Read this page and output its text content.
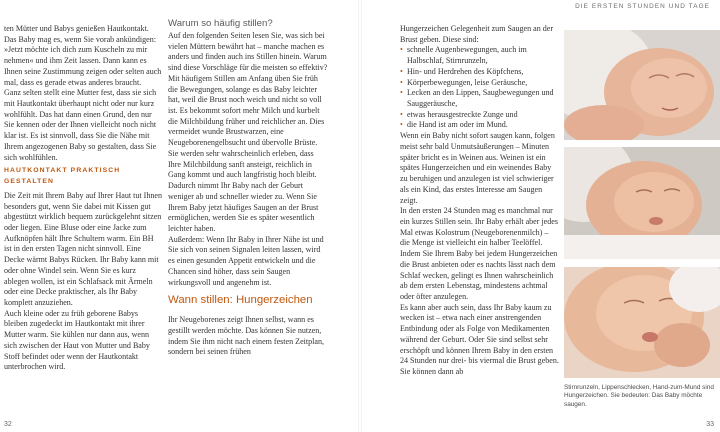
DIE ERSTEN STUNDEN UND TAGE

ten Mütter und Babys genießen Hautkontakt. Das Baby mag es, wenn Sie vorab ankündigen: »Jetzt möchte ich dich zum Kuscheln zu mir nehmen« und ihm Zeit lassen. Dann kann es Ihnen seine Zustimmung zeigen oder selten auch mal, dass es gerade etwas anderes braucht.

Ganz selten stellt eine Mutter fest, dass sie sich mit Hautkontakt überhaupt nicht oder nur kurz wohlfühlt. Das hat dann einen Grund, den nur Sie kennen oder der Ihnen vielleicht noch nicht klar ist. Es ist sinnvoll, dass Sie die Nähe mit Ihrem angezogenen Baby so gestalten, dass Sie sich wohlfühlen.

HAUTKONTAKT PRAKTISCH GESTALTEN

Die Zeit mit Ihrem Baby auf Ihrer Haut tut Ihnen besonders gut, wenn Sie dabei mit Kissen gut abgestützt wirklich bequem zurückgelehnt sitzen oder liegen. Eine Bluse oder eine Jacke zum Aufknöpfen hält Ihre Schultern warm. Ein BH ist in den ersten Tagen nicht sinnvoll. Eine Decke wärmt Babys Rücken. Ihr Baby kann mit oder ohne Windel sein. Wenn Sie es kurz ablegen wollen, ist ein Schlafsack mit Ärmeln oder eine Decke praktischer, als Ihr Baby komplett anzuziehen.

Auch kleine oder zu früh geborene Babys bleiben zugedeckt im Hautkontakt mit ihrer Mutter warm. Sie kühlen nur dann aus, wenn sich zwischen der Haut von Mutter und Baby Stoff befindet oder wenn der Hautkontakt unterbrochen wird.

Warum so häufig stillen?

Auf den folgenden Seiten lesen Sie, was sich bei vielen Müttern bewährt hat – manche machen es anders und finden auch ins Stillen hinein. Warum sind diese Vorschläge für die meisten so effektiv?

Mit häufigem Stillen am Anfang üben Sie früh die Bewegungen, solange es das Baby leichter hat, weil die Brust noch weich und nicht so voll ist. Es bekommt sofort mehr Milch und kurbelt die Milchbildung früher und reichlicher an. Dies vermeidet wunde Brustwarzen, eine Neugeborenengelbsucht und übervolle Brüste. Sie werden sehr wahrscheinlich erleben, dass Ihre Milchbildung sanft ansteigt, reichlich in Gang kommt und auch langfristig hoch bleibt. Dadurch nimmt Ihr Baby nach der Geburt weniger ab und schneller wieder zu. Wenn Sie Ihrem Baby jetzt häufiges Saugen an der Brust ermöglichen, werden Sie es später wesentlich leichter haben.

Außerdem: Wenn Ihr Baby in Ihrer Nähe ist und Sie sich von seinen Signalen leiten lassen, wird es einen gesunden Appetit entwickeln und die Chancen sind höher, dass sein Saugen wirkungsvoll und angenehm ist.

Wann stillen: Hungerzeichen

Ihr Neugeborenes zeigt Ihnen selbst, wann es gestillt werden möchte. Das können Sie nutzen, indem Sie ihm nicht nach einem festen Zeitplan, sondern bei seinen frühen

Hungerzeichen Gelegenheit zum Saugen an der Brust geben. Diese sind:

• schnelle Augenbewegungen, auch im Halbschlaf, Stirnrunzeln,
• Hin- und Herdrehen des Köpfchens,
• Körperbewegungen, leise Geräusche,
• Lecken an den Lippen, Saugbewegungen und Sauggeräusche,
• etwas herausgestreckte Zunge und
• die Hand ist am oder im Mund.

Wenn ein Baby nicht sofort saugen kann, folgen meist sehr bald Unmutsäußerungen – Minuten später bricht es in Weinen aus. Weinen ist ein spätes Hungerzeichen und ein weinendes Baby zu beruhigen und anzulegen ist viel schwieriger als ein Kind, das erstes Interesse am Saugen zeigt.

In den ersten 24 Stunden mag es manchmal nur ein kurzes Stillen sein. Ihr Baby erhält aber jedes Mal etwas Kolostrum (Neugeborenenmilch) – die Menge ist vielleicht ein halber Teelöffel. Indem Sie Ihrem Baby bei jedem Hungerzeichen die Brust anbieten oder es nachts lässt nach dem Schlaf wecken, gelingt es Ihnen wahrscheinlich ab dem ersten Lebenstag, mindestens achtmal oder öfter anzulegen.

Es kann aber auch sein, dass Ihr Baby kaum zu wecken ist – etwa nach einer anstrengenden Entbindung oder als Folge von Medikamenten während der Geburt. Oder Sie sind selbst sehr erschöpft und können Ihrem Baby in den ersten 24 Stunden nur drei- bis viermal die Brust geben. Sie können dann ab

Stirnrunzeln, Lippenschlecken, Hand-zum-Mund sind Hungerzeichen. Sie bedeuten: Das Baby möchte saugen.
32	33
